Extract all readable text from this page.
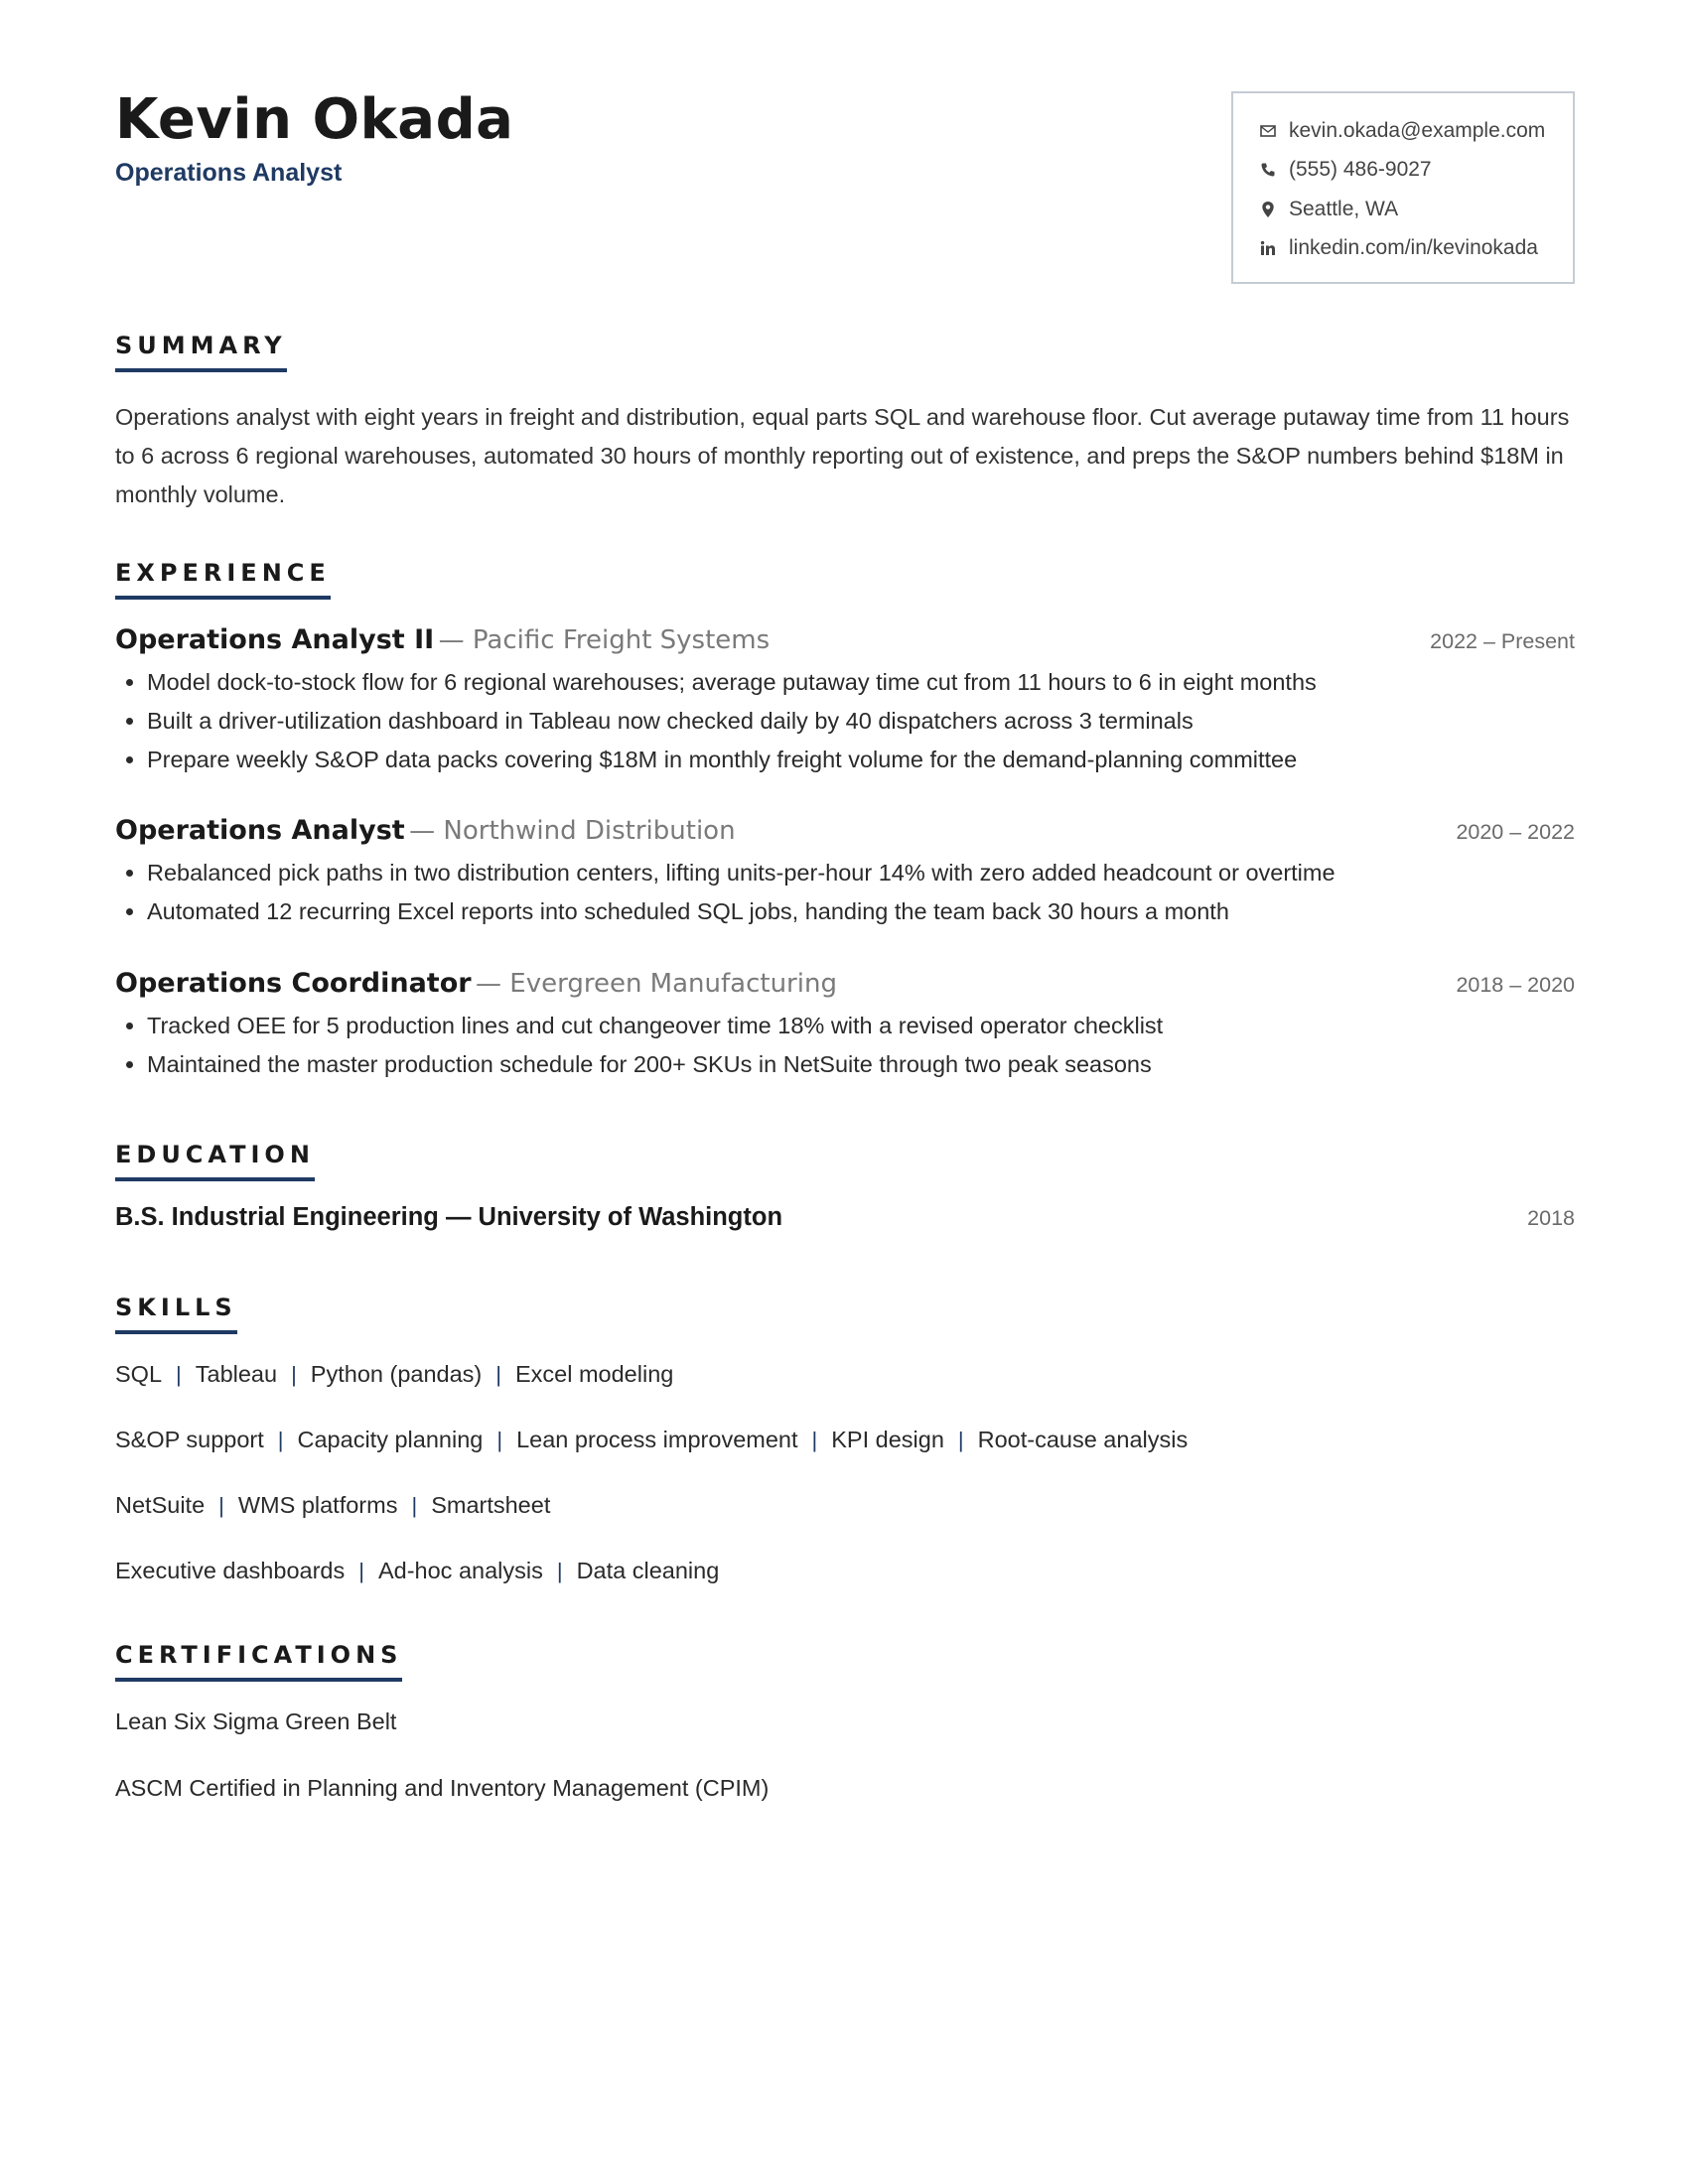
Kevin Okada
Operations Analyst
kevin.okada@example.com
(555) 486-9027
Seattle, WA
linkedin.com/in/kevinokada
SUMMARY

Operations analyst with eight years in freight and distribution, equal parts SQL and warehouse floor. Cut average putaway time from 11 hours to 6 across 6 regional warehouses, automated 30 hours of monthly reporting out of existence, and preps the S&OP numbers behind $18M in monthly volume.

EXPERIENCE
Operations Analyst II — Pacific Freight Systems	2022 – Present
• Model dock-to-stock flow for 6 regional warehouses; average putaway time cut from 11 hours to 6 in eight months
• Built a driver-utilization dashboard in Tableau now checked daily by 40 dispatchers across 3 terminals
• Prepare weekly S&OP data packs covering $18M in monthly freight volume for the demand-planning committee
Operations Analyst — Northwind Distribution	2020 – 2022
• Rebalanced pick paths in two distribution centers, lifting units-per-hour 14% with zero added headcount or overtime
• Automated 12 recurring Excel reports into scheduled SQL jobs, handing the team back 30 hours a month
Operations Coordinator — Evergreen Manufacturing	2018 – 2020
• Tracked OEE for 5 production lines and cut changeover time 18% with a revised operator checklist
• Maintained the master production schedule for 200+ SKUs in NetSuite through two peak seasons
EDUCATION
B.S. Industrial Engineering — University of Washington	2018
SKILLS
SQL | Tableau | Python (pandas) | Excel modeling
S&OP support | Capacity planning | Lean process improvement | KPI design | Root-cause analysis
NetSuite | WMS platforms | Smartsheet
Executive dashboards | Ad-hoc analysis | Data cleaning
CERTIFICATIONS
Lean Six Sigma Green Belt
ASCM Certified in Planning and Inventory Management (CPIM)
